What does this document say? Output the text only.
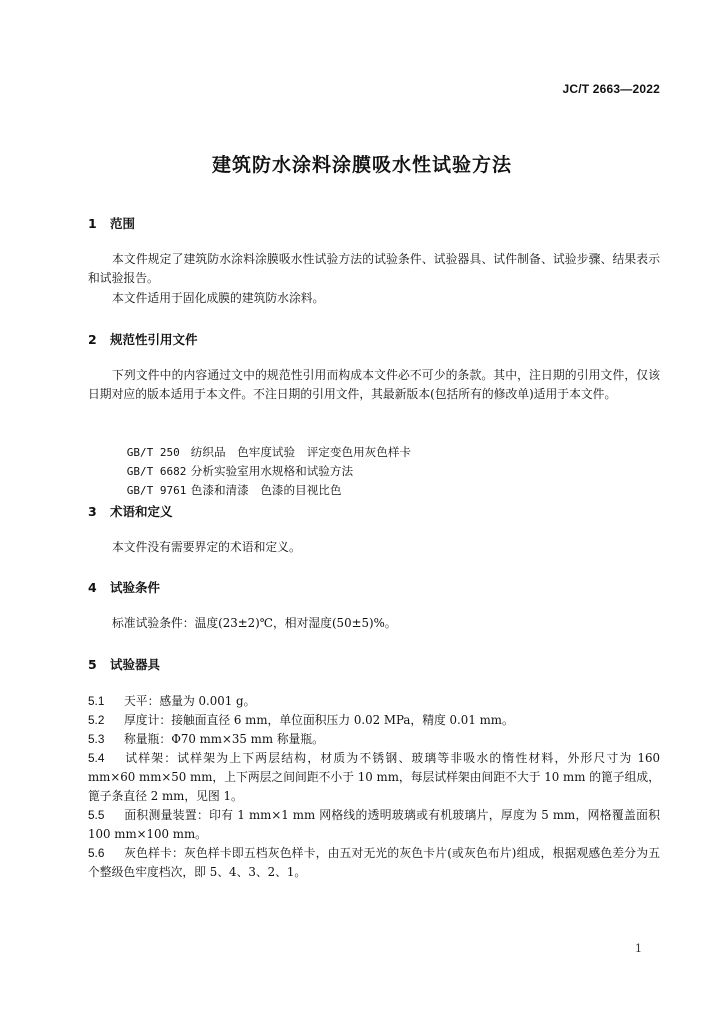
JC/T 2663—2022
建筑防水涂料涂膜吸水性试验方法
1 范围
本文件规定了建筑防水涂料涂膜吸水性试验方法的试验条件、试验器具、试件制备、试验步骤、结果表示和试验报告。
本文件适用于固化成膜的建筑防水涂料。
2 规范性引用文件
下列文件中的内容通过文中的规范性引用而构成本文件必不可少的条款。其中，注日期的引用文件，仅该日期对应的版本适用于本文件。不注日期的引用文件，其最新版本(包括所有的修改单)适用于本文件。

GB/T 250 纺织品　色牢度试验　评定变色用灰色样卡

GB/T 6682 分析实验室用水规格和试验方法

GB/T 9761 色漆和清漆　色漆的目视比色

3 术语和定义
本文件没有需要界定的术语和定义。
4 试验条件
标准试验条件：温度(23±2)℃，相对湿度(50±5)%。
5 试验器具
5.1 天平：感量为 0.001 g。
5.2 厚度计：接触面直径 6 mm，单位面积压力 0.02 MPa，精度 0.01 mm。
5.3 称量瓶：Φ70 mm×35 mm 称量瓶。
5.4 试样架：试样架为上下两层结构，材质为不锈钢、玻璃等非吸水的惰性材料，外形尺寸为 160 mm×60 mm×50 mm，上下两层之间间距不小于 10 mm，每层试样架由间距不大于 10 mm 的篦子组成，篦子条直径 2 mm，见图 1。
5.5 面积测量装置：印有 1 mm×1 mm 网格线的透明玻璃或有机玻璃片，厚度为 5 mm，网格覆盖面积 100 mm×100 mm。
5.6 灰色样卡：灰色样卡即五档灰色样卡，由五对无光的灰色卡片(或灰色布片)组成，根据观感色差分为五个整级色牢度档次，即 5、4、3、2、1。
1
